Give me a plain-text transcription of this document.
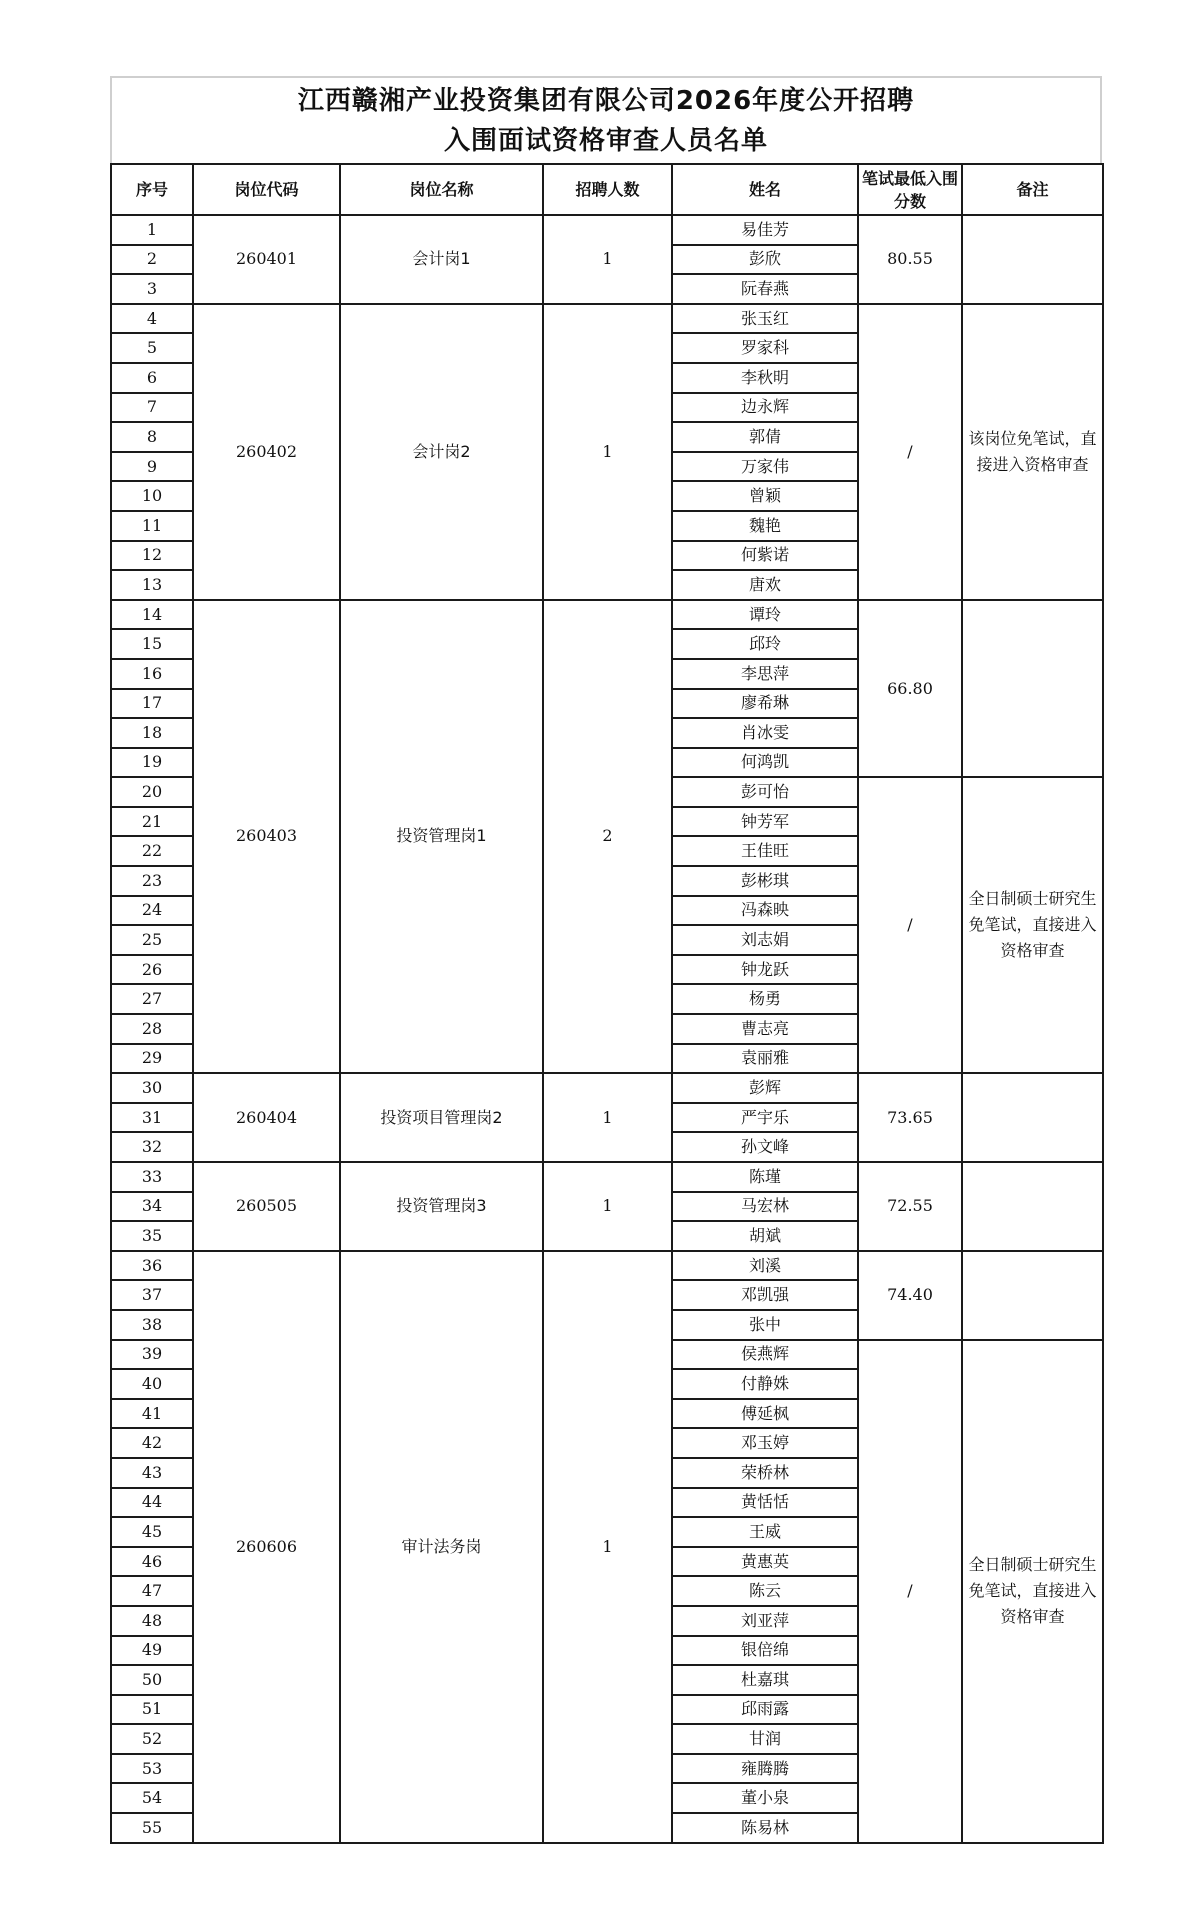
江西赣湘产业投资集团有限公司2026年度公开招聘
入围面试资格审查人员名单
序号	岗位代码	岗位名称	招聘人数	姓名	笔试最低入围分数	备注
1	260401	会计岗1	1	易佳芳	80.55	
2				彭欣		
3				阮春燕		
4	260402	会计岗2	1	张玉红	/	该岗位免笔试，直接进入资格审查
5				罗家科		
6				李秋明		
7				边永辉		
8				郭倩		
9				万家伟		
10				曾颖		
11				魏艳		
12				何紫诺		
13				唐欢		
14	260403	投资管理岗1	2	谭玲	66.80	
15				邱玲		
16				李思萍		
17				廖希琳		
18				肖冰雯		
19				何鸿凯		
20				彭可怡	/	全日制硕士研究生免笔试，直接进入资格审查
21				钟芳军		
22				王佳旺		
23				彭彬琪		
24				冯森映		
25				刘志娟		
26				钟龙跃		
27				杨勇		
28				曹志亮		
29				袁丽雅		
30	260404	投资项目管理岗2	1	彭辉	73.65	
31				严宇乐		
32				孙文峰		
33	260505	投资管理岗3	1	陈瑾	72.55	
34				马宏林		
35				胡斌		
36	260606	审计法务岗	1	刘溪	74.40	
37				邓凯强		
38				张中		
39				侯燕辉	/	全日制硕士研究生免笔试，直接进入资格审查
40				付静姝		
41				傅延枫		
42				邓玉婷		
43				荣桥林		
44				黄恬恬		
45				王威		
46				黄惠英		
47				陈云		
48				刘亚萍		
49				银倍绵		
50				杜嘉琪		
51				邱雨露		
52				甘润		
53				雍腾腾		
54				董小泉		
55				陈易林		
